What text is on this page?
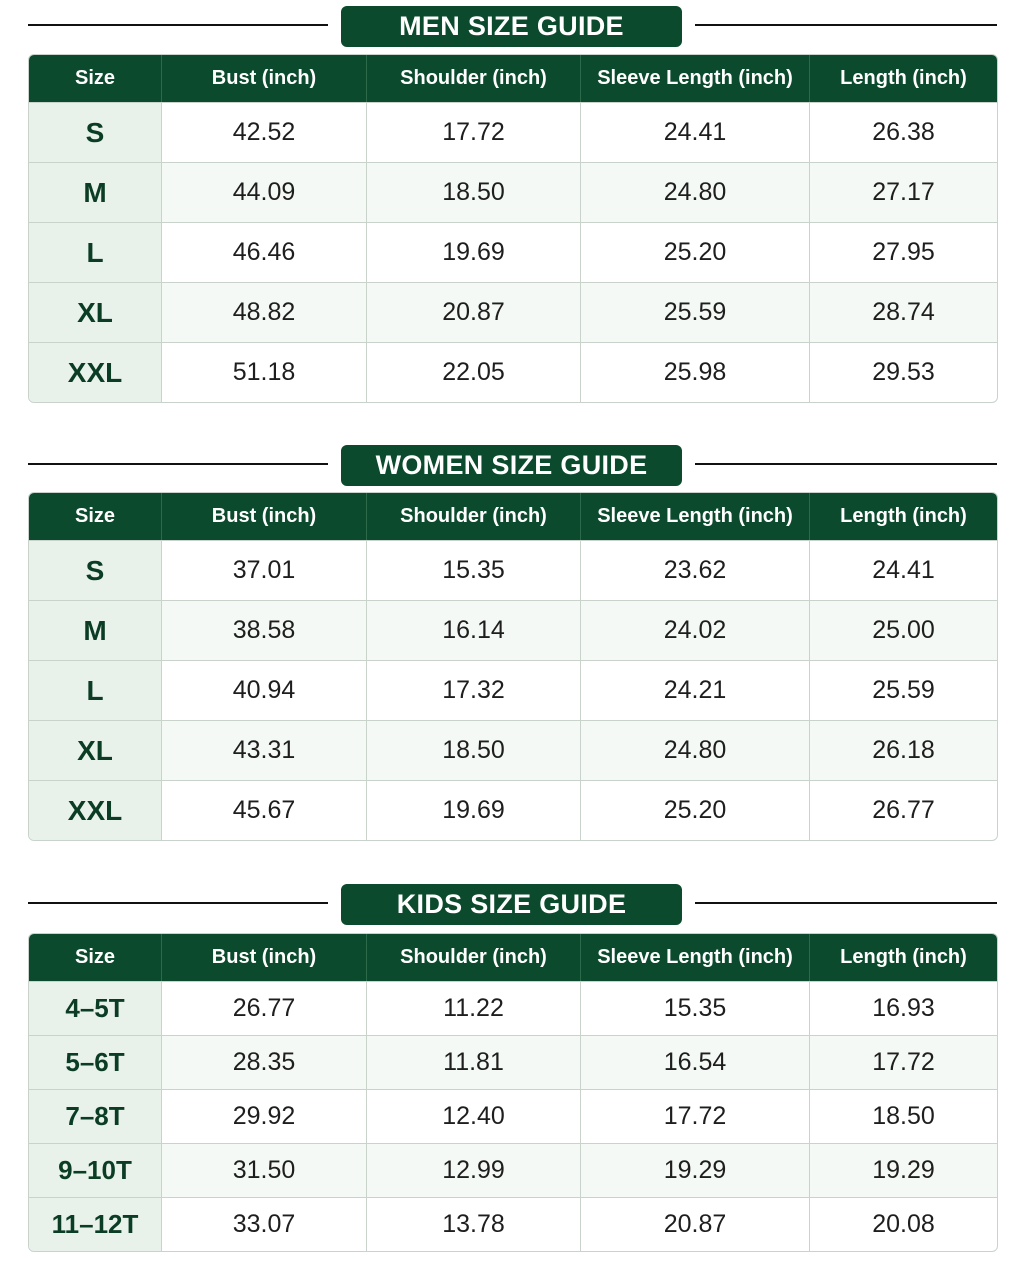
MEN SIZE GUIDE
Size	Bust (inch)	Shoulder (inch)	Sleeve Length (inch)	Length (inch)
S	42.52	17.72	24.41	26.38
M	44.09	18.50	24.80	27.17
L	46.46	19.69	25.20	27.95
XL	48.82	20.87	25.59	28.74
XXL	51.18	22.05	25.98	29.53
WOMEN SIZE GUIDE
Size	Bust (inch)	Shoulder (inch)	Sleeve Length (inch)	Length (inch)
S	37.01	15.35	23.62	24.41
M	38.58	16.14	24.02	25.00
L	40.94	17.32	24.21	25.59
XL	43.31	18.50	24.80	26.18
XXL	45.67	19.69	25.20	26.77
KIDS SIZE GUIDE
Size	Bust (inch)	Shoulder (inch)	Sleeve Length (inch)	Length (inch)
4–5T	26.77	11.22	15.35	16.93
5–6T	28.35	11.81	16.54	17.72
7–8T	29.92	12.40	17.72	18.50
9–10T	31.50	12.99	19.29	19.29
11–12T	33.07	13.78	20.87	20.08
